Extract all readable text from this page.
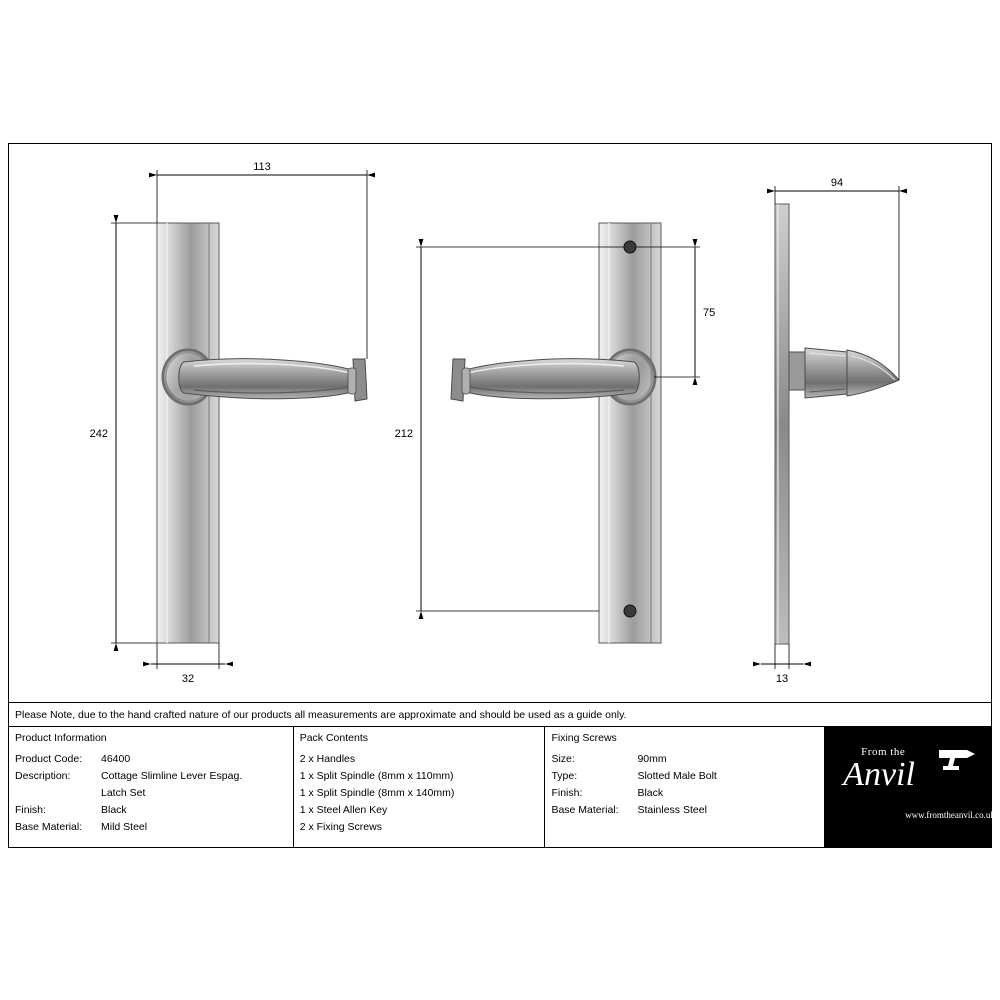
113
242
32
212
75
94
13
Please Note, due to the hand crafted nature of our products all measurements are approximate and should be used as a guide only.
Product Information
Product Code:	46400
Description:	Cottage Slimline Lever Espag.
Latch Set
Finish:	Black
Base Material:	Mild Steel
Pack Contents
2 x Handles
1 x Split Spindle (8mm x 110mm)
1 x Split Spindle (8mm x 140mm)
1 x Steel Allen Key
2 x Fixing Screws
Fixing Screws
Size:	90mm
Type:	Slotted Male Bolt
Finish:	Black
Base Material:	Stainless Steel
From the
Anvil
www.fromtheanvil.co.uk
